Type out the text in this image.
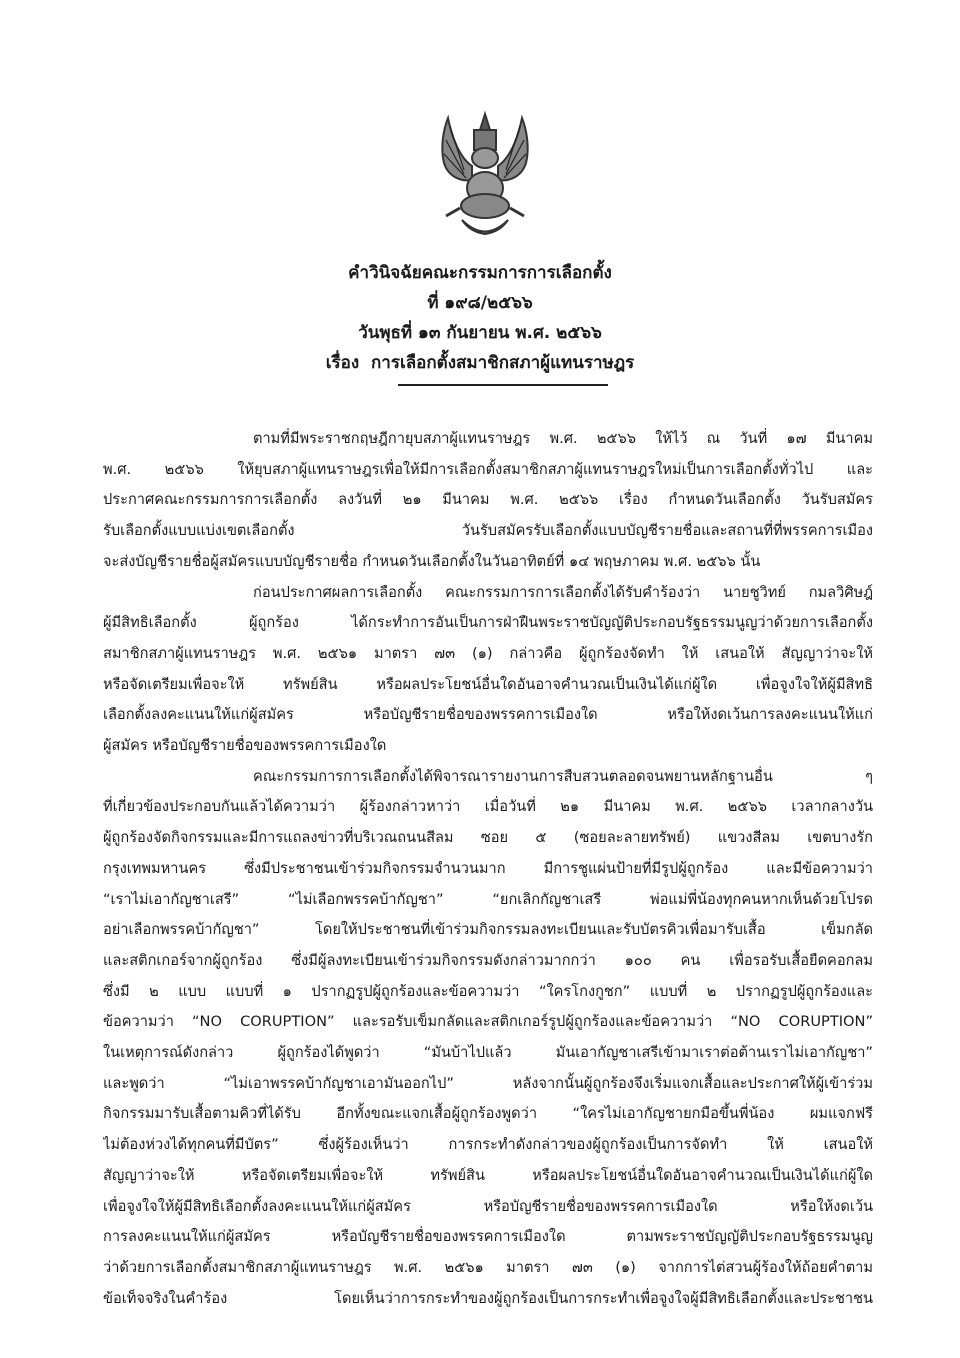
คำวินิจฉัยคณะกรรมการการเลือกตั้ง
ที่ ๑๙๘/๒๕๖๖
วันพุธที่ ๑๓ กันยายน พ.ศ. ๒๕๖๖
เรื่อง การเลือกตั้งสมาชิกสภาผู้แทนราษฎร
ตามที่มีพระราชกฤษฎีกายุบสภาผู้แทนราษฎร พ.ศ. ๒๕๖๖ ให้ไว้ ณ วันที่ ๑๗ มีนาคม
พ.ศ. ๒๕๖๖ ให้ยุบสภาผู้แทนราษฎรเพื่อให้มีการเลือกตั้งสมาชิกสภาผู้แทนราษฎรใหม่เป็นการเลือกตั้งทั่วไป และ
ประกาศคณะกรรมการการเลือกตั้ง ลงวันที่ ๒๑ มีนาคม พ.ศ. ๒๕๖๖ เรื่อง กำหนดวันเลือกตั้ง วันรับสมัคร
รับเลือกตั้งแบบแบ่งเขตเลือกตั้ง วันรับสมัครรับเลือกตั้งแบบบัญชีรายชื่อและสถานที่ที่พรรคการเมือง
จะส่งบัญชีรายชื่อผู้สมัครแบบบัญชีรายชื่อ กำหนดวันเลือกตั้งในวันอาทิตย์ที่ ๑๔ พฤษภาคม พ.ศ. ๒๕๖๖ นั้น
ก่อนประกาศผลการเลือกตั้ง คณะกรรมการการเลือกตั้งได้รับคำร้องว่า นายชูวิทย์ กมลวิศิษฎ์
ผู้มีสิทธิเลือกตั้ง ผู้ถูกร้อง ได้กระทำการอันเป็นการฝ่าฝืนพระราชบัญญัติประกอบรัฐธรรมนูญว่าด้วยการเลือกตั้ง
สมาชิกสภาผู้แทนราษฎร พ.ศ. ๒๕๖๑ มาตรา ๗๓ (๑) กล่าวคือ ผู้ถูกร้องจัดทำ ให้ เสนอให้ สัญญาว่าจะให้
หรือจัดเตรียมเพื่อจะให้ ทรัพย์สิน หรือผลประโยชน์อื่นใดอันอาจคำนวณเป็นเงินได้แก่ผู้ใด เพื่อจูงใจให้ผู้มีสิทธิ
เลือกตั้งลงคะแนนให้แก่ผู้สมัคร หรือบัญชีรายชื่อของพรรคการเมืองใด หรือให้งดเว้นการลงคะแนนให้แก่
ผู้สมัคร หรือบัญชีรายชื่อของพรรคการเมืองใด
คณะกรรมการการเลือกตั้งได้พิจารณารายงานการสืบสวนตลอดจนพยานหลักฐานอื่น ๆ
ที่เกี่ยวข้องประกอบกันแล้วได้ความว่า ผู้ร้องกล่าวหาว่า เมื่อวันที่ ๒๑ มีนาคม พ.ศ. ๒๕๖๖ เวลากลางวัน
ผู้ถูกร้องจัดกิจกรรมและมีการแถลงข่าวที่บริเวณถนนสีลม ซอย ๕ (ซอยละลายทรัพย์) แขวงสีลม เขตบางรัก
กรุงเทพมหานคร ซึ่งมีประชาชนเข้าร่วมกิจกรรมจำนวนมาก มีการชูแผ่นป้ายที่มีรูปผู้ถูกร้อง และมีข้อความว่า
“เราไม่เอากัญชาเสรี” “ไม่เลือกพรรคบ้ากัญชา” “ยกเลิกกัญชาเสรี พ่อแม่พี่น้องทุกคนหากเห็นด้วยโปรด
อย่าเลือกพรรคบ้ากัญชา” โดยให้ประชาชนที่เข้าร่วมกิจกรรมลงทะเบียนและรับบัตรคิวเพื่อมารับเสื้อ เข็มกลัด
และสติกเกอร์จากผู้ถูกร้อง ซึ่งมีผู้ลงทะเบียนเข้าร่วมกิจกรรมดังกล่าวมากกว่า ๑๐๐ คน เพื่อรอรับเสื้อยืดคอกลม
ซึ่งมี ๒ แบบ แบบที่ ๑ ปรากฏรูปผู้ถูกร้องและข้อความว่า “ใครโกงกูชก” แบบที่ ๒ ปรากฏรูปผู้ถูกร้องและ
ข้อความว่า “NO CORUPTION” และรอรับเข็มกลัดและสติกเกอร์รูปผู้ถูกร้องและข้อความว่า “NO CORUPTION”
ในเหตุการณ์ดังกล่าว ผู้ถูกร้องได้พูดว่า “มันบ้าไปแล้ว มันเอากัญชาเสรีเข้ามาเราต่อต้านเราไม่เอากัญชา”
และพูดว่า “ไม่เอาพรรคบ้ากัญชาเอามันออกไป” หลังจากนั้นผู้ถูกร้องจึงเริ่มแจกเสื้อและประกาศให้ผู้เข้าร่วม
กิจกรรมมารับเสื้อตามคิวที่ได้รับ อีกทั้งขณะแจกเสื้อผู้ถูกร้องพูดว่า “ใครไม่เอากัญชายกมือขึ้นพี่น้อง ผมแจกฟรี
ไม่ต้องห่วงได้ทุกคนที่มีบัตร” ซึ่งผู้ร้องเห็นว่า การกระทำดังกล่าวของผู้ถูกร้องเป็นการจัดทำ ให้ เสนอให้
สัญญาว่าจะให้ หรือจัดเตรียมเพื่อจะให้ ทรัพย์สิน หรือผลประโยชน์อื่นใดอันอาจคำนวณเป็นเงินได้แก่ผู้ใด
เพื่อจูงใจให้ผู้มีสิทธิเลือกตั้งลงคะแนนให้แก่ผู้สมัคร หรือบัญชีรายชื่อของพรรคการเมืองใด หรือให้งดเว้น
การลงคะแนนให้แก่ผู้สมัคร หรือบัญชีรายชื่อของพรรคการเมืองใด ตามพระราชบัญญัติประกอบรัฐธรรมนูญ
ว่าด้วยการเลือกตั้งสมาชิกสภาผู้แทนราษฎร พ.ศ. ๒๕๖๑ มาตรา ๗๓ (๑) จากการไต่สวนผู้ร้องให้ถ้อยคำตาม
ข้อเท็จจริงในคำร้อง โดยเห็นว่าการกระทำของผู้ถูกร้องเป็นการกระทำเพื่อจูงใจผู้มีสิทธิเลือกตั้งและประชาชน
